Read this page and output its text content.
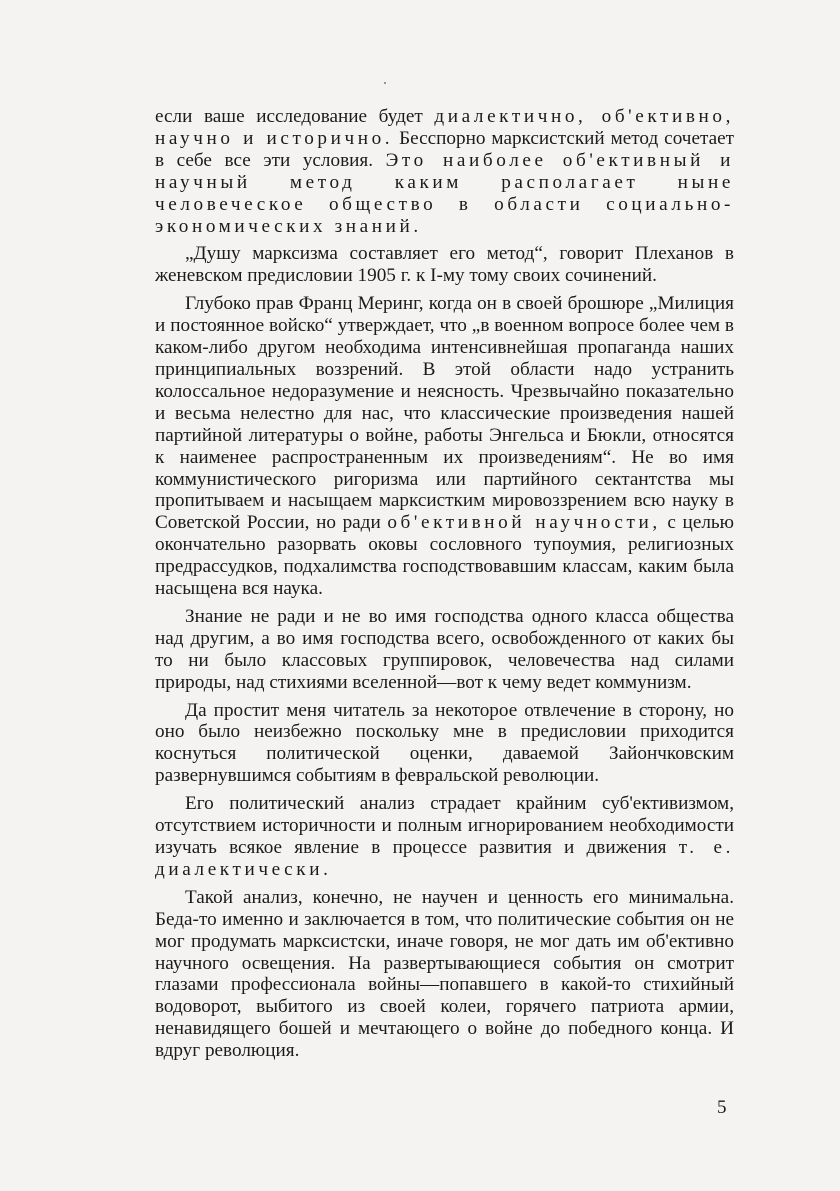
если ваше исследование будет диалектично, об'ективно, научно и исторично. Бесспорно марксистский метод сочетает в себе все эти условия. Это наиболее об'ективный и научный метод каким располагает ныне человеческое общество в области социально-экономических знаний.

„Душу марксизма составляет его метод“, говорит Плеханов в женевском предисловии 1905 г. к I-му тому своих сочинений.

Глубоко прав Франц Меринг, когда он в своей брошюре „Милиция и постоянное войско“ утверждает, что „в военном вопросе более чем в каком-либо другом необходима интенсивнейшая пропаганда наших принципиальных воззрений. В этой области надо устранить колоссальное недоразумение и неясность. Чрезвычайно показательно и весьма нелестно для нас, что классические произведения нашей партийной литературы о войне, работы Энгельса и Бюкли, относятся к наименее распространенным их произведениям“. Не во имя коммунистического ригоризма или партийного сектантства мы пропитываем и насыщаем марксистким мировоззрением всю науку в Советской России, но ради об'ективной научности, с целью окончательно разорвать оковы сословного тупоумия, религиозных предрассудков, подхалимства господствовавшим классам, каким была насыщена вся наука.

Знание не ради и не во имя господства одного класса общества над другим, а во имя господства всего, освобожденного от каких бы то ни было классовых группировок, человечества над силами природы, над стихиями вселенной—вот к чему ведет коммунизм.

Да простит меня читатель за некоторое отвлечение в сторону, но оно было неизбежно поскольку мне в предисловии приходится коснуться политической оценки, даваемой Зайончковским развернувшимся событиям в февральской революции.

Его политический анализ страдает крайним суб'ективизмом, отсутствием историчности и полным игнорированием необходимости изучать всякое явление в процессе развития и движения т. е. диалектически.

Такой анализ, конечно, не научен и ценность его минимальна. Беда-то именно и заключается в том, что политические события он не мог продумать марксистски, иначе говоря, не мог дать им об'ективно научного освещения. На развертывающиеся события он смотрит глазами профессионала войны—попавшего в какой-то стихийный водоворот, выбитого из своей колеи, горячего патриота армии, ненавидящего бошей и мечтающего о войне до победного конца. И вдруг революция.

5
